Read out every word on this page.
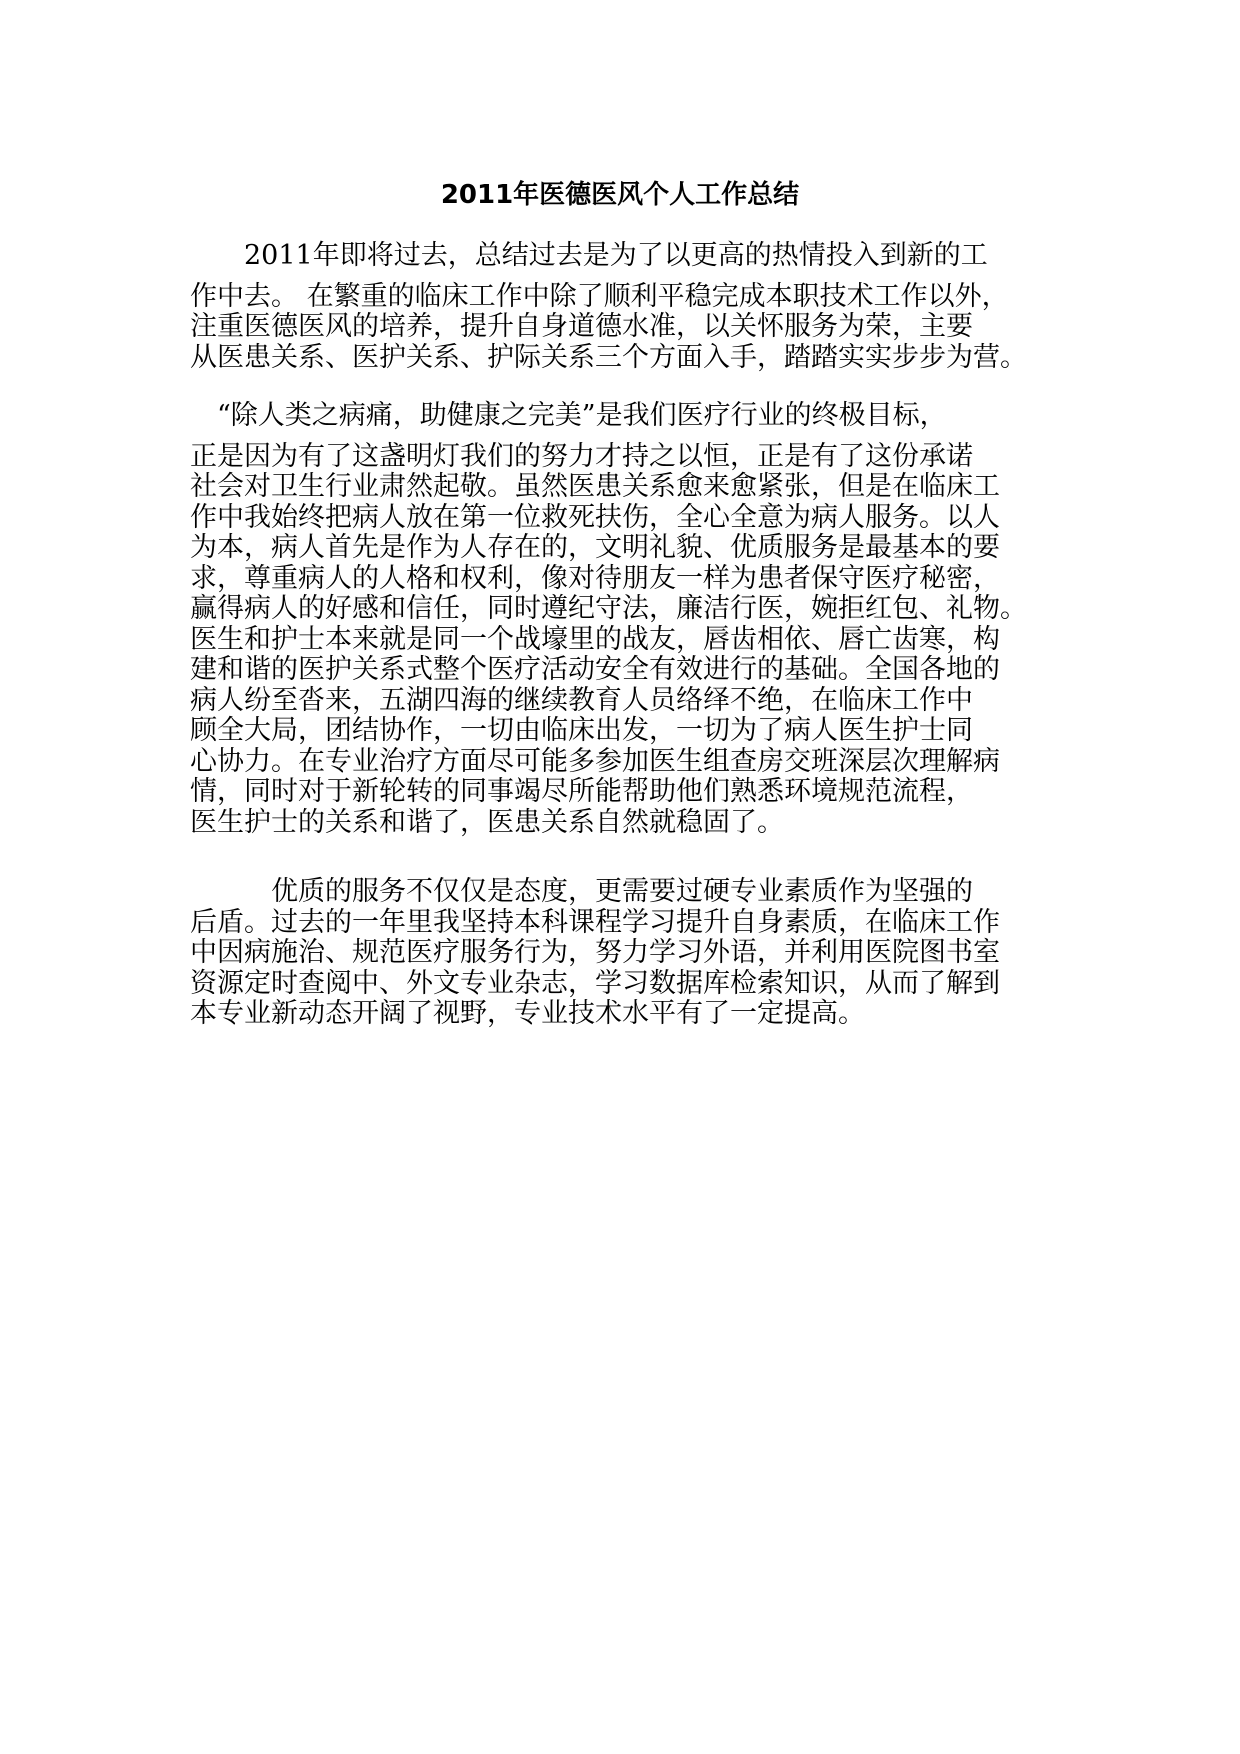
2011年医德医风个人工作总结
　　2011年即将过去，总结过去是为了以更高的热情投入到新的工
作中去。 在繁重的临床工作中除了顺利平稳完成本职技术工作以外，
注重医德医风的培养，提升自身道德水准，以关怀服务为荣，主要
从医患关系、医护关系、护际关系三个方面入手，踏踏实实步步为营。
　“除人类之病痛，助健康之完美”是我们医疗行业的终极目标，
正是因为有了这盏明灯我们的努力才持之以恒，正是有了这份承诺
社会对卫生行业肃然起敬。虽然医患关系愈来愈紧张，但是在临床工
作中我始终把病人放在第一位救死扶伤，全心全意为病人服务。以人
为本，病人首先是作为人存在的，文明礼貌、优质服务是最基本的要
求，尊重病人的人格和权利，像对待朋友一样为患者保守医疗秘密，
赢得病人的好感和信任，同时遵纪守法，廉洁行医，婉拒红包、礼物。
医生和护士本来就是同一个战壕里的战友，唇齿相依、唇亡齿寒，构
建和谐的医护关系式整个医疗活动安全有效进行的基础。全国各地的
病人纷至沓来，五湖四海的继续教育人员络绎不绝，在临床工作中
顾全大局，团结协作，一切由临床出发，一切为了病人医生护士同
心协力。在专业治疗方面尽可能多参加医生组查房交班深层次理解病
情，同时对于新轮转的同事竭尽所能帮助他们熟悉环境规范流程，
医生护士的关系和谐了，医患关系自然就稳固了。
　　　优质的服务不仅仅是态度，更需要过硬专业素质作为坚强的
后盾。过去的一年里我坚持本科课程学习提升自身素质，在临床工作
中因病施治、规范医疗服务行为，努力学习外语，并利用医院图书室
资源定时查阅中、外文专业杂志，学习数据库检索知识，从而了解到
本专业新动态开阔了视野，专业技术水平有了一定提高。
